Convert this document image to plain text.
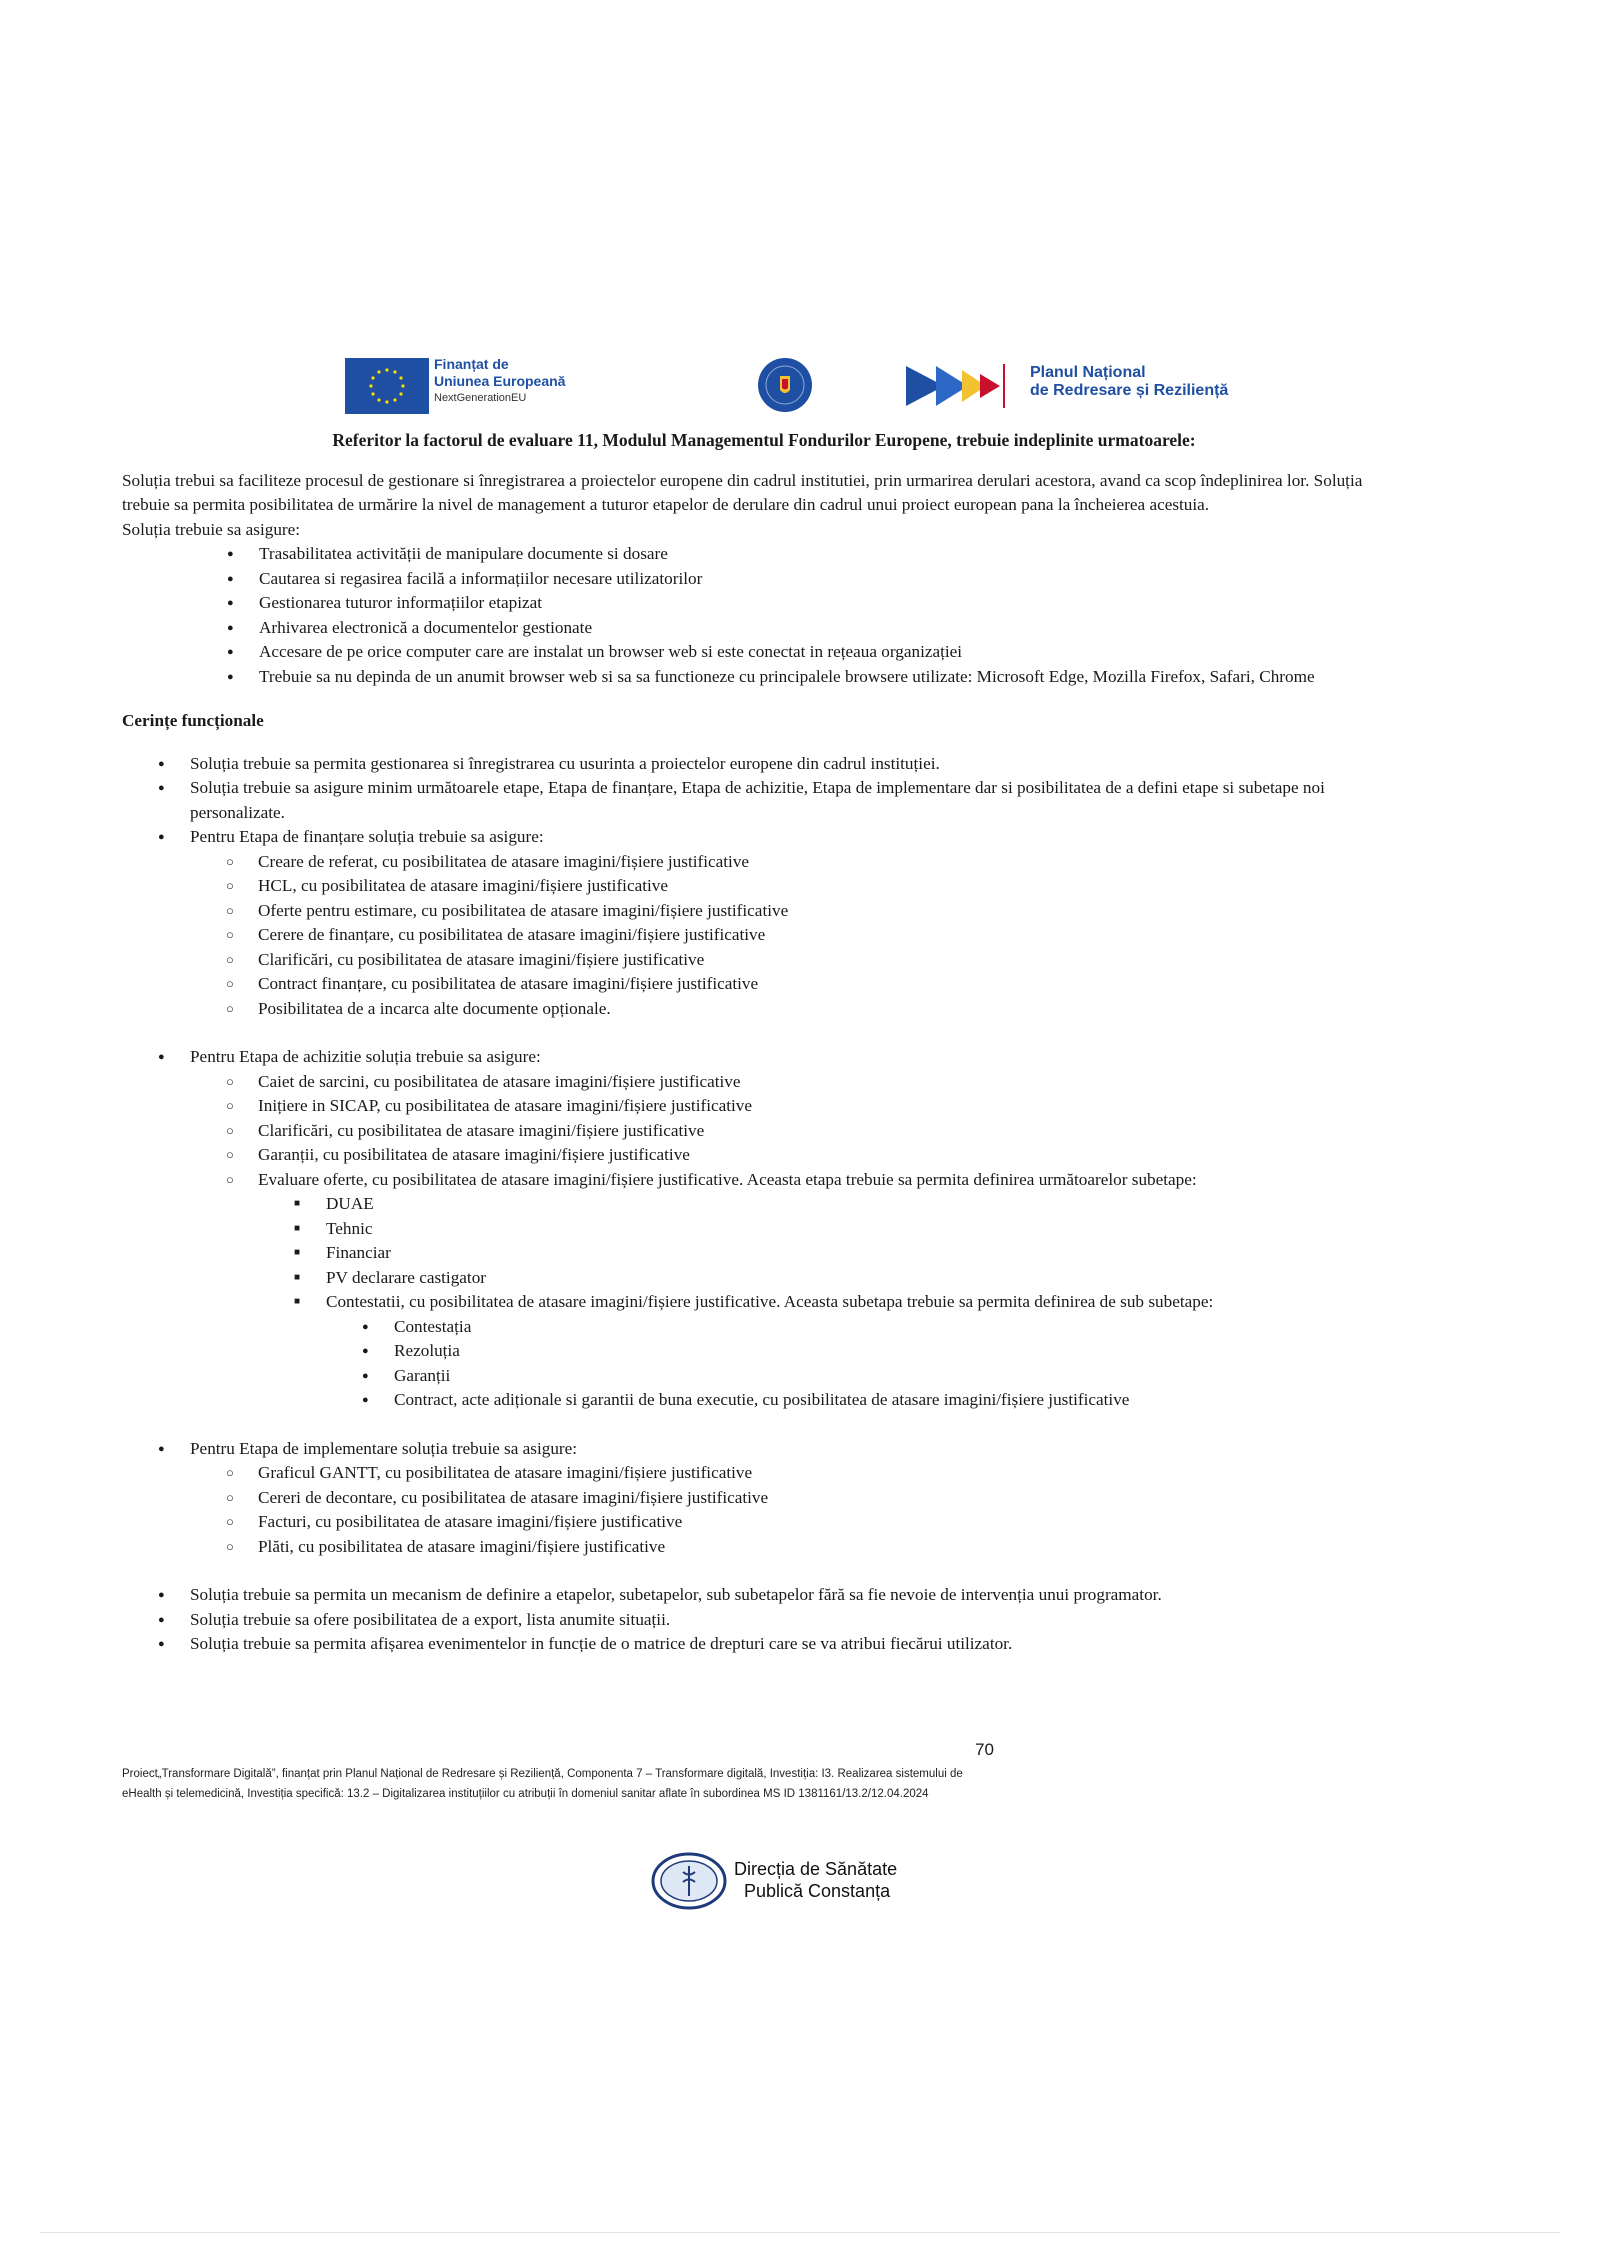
Finanțat de
Uniunea Europeană
NextGenerationEU
Planul Național
de Redresare și Reziliență

Referitor la factorul de evaluare 11, Modulul Managementul Fondurilor Europene, trebuie indeplinite urmatoarele:

Soluția trebui sa faciliteze procesul de gestionare si înregistrarea a proiectelor europene din cadrul institutiei, prin urmarirea derulari acestora, avand ca scop îndeplinirea lor. Soluția trebuie sa permita posibilitatea de urmărire la nivel de management a tuturor etapelor de derulare din cadrul unui proiect european pana la încheierea acestuia.

Soluția trebuie sa asigure:

● Trasabilitatea activității de manipulare documente si dosare
● Cautarea si regasirea facilă a informațiilor necesare utilizatorilor
● Gestionarea tuturor informațiilor etapizat
● Arhivarea electronică a documentelor gestionate
● Accesare de pe orice computer care are instalat un browser web si este conectat in rețeaua organizației
● Trebuie sa nu depinda de un anumit browser web si sa sa functioneze cu principalele browsere utilizate: Microsoft Edge, Mozilla Firefox, Safari, Chrome

Cerințe funcționale

● Soluția trebuie sa permita gestionarea si înregistrarea cu usurinta a proiectelor europene din cadrul instituției.
● Soluția trebuie sa asigure minim următoarele etape, Etapa de finanțare, Etapa de achizitie, Etapa de implementare dar si posibilitatea de a defini etape si subetape noi personalizate.
● Pentru Etapa de finanțare soluția trebuie sa asigure:
○ Creare de referat, cu posibilitatea de atasare imagini/fișiere justificative
○ HCL, cu posibilitatea de atasare imagini/fișiere justificative
○ Oferte pentru estimare, cu posibilitatea de atasare imagini/fișiere justificative
○ Cerere de finanțare, cu posibilitatea de atasare imagini/fișiere justificative
○ Clarificări, cu posibilitatea de atasare imagini/fișiere justificative
○ Contract finanțare, cu posibilitatea de atasare imagini/fișiere justificative
○ Posibilitatea de a incarca alte documente opționale.
● Pentru Etapa de achizitie soluția trebuie sa asigure:
○ Caiet de sarcini, cu posibilitatea de atasare imagini/fișiere justificative
○ Inițiere in SICAP, cu posibilitatea de atasare imagini/fișiere justificative
○ Clarificări, cu posibilitatea de atasare imagini/fișiere justificative
○ Garanții, cu posibilitatea de atasare imagini/fișiere justificative
○ Evaluare oferte, cu posibilitatea de atasare imagini/fișiere justificative. Aceasta etapa trebuie sa permita definirea următoarelor subetape:
■ DUAE
■ Tehnic
■ Financiar
■ PV declarare castigator
■ Contestatii, cu posibilitatea de atasare imagini/fișiere justificative. Aceasta subetapa trebuie sa permita definirea de sub subetape:
● Contestația
● Rezoluția
● Garanții
● Contract, acte adiționale si garantii de buna executie, cu posibilitatea de atasare imagini/fișiere justificative
● Pentru Etapa de implementare soluția trebuie sa asigure:
○ Graficul GANTT, cu posibilitatea de atasare imagini/fișiere justificative
○ Cereri de decontare, cu posibilitatea de atasare imagini/fișiere justificative
○ Facturi, cu posibilitatea de atasare imagini/fișiere justificative
○ Plăti, cu posibilitatea de atasare imagini/fișiere justificative
● Soluția trebuie sa permita un mecanism de definire a etapelor, subetapelor, sub subetapelor fără sa fie nevoie de intervenția unui programator.
● Soluția trebuie sa ofere posibilitatea de a export, lista anumite situații.
● Soluția trebuie sa permita afișarea evenimentelor in funcție de o matrice de drepturi care se va atribui fiecărui utilizator.
70
Proiect„Transformare Digitală”, finanțat prin Planul Național de Redresare și Reziliență, Componenta 7 – Transformare digitală, Investiția: I3. Realizarea sistemului de eHealth și telemedicină, Investiția specifică: 13.2 – Digitalizarea instituțiilor cu atribuții în domeniul sanitar aflate în subordinea MS ID 1381161/13.2/12.04.2024
Direcția de Sănătate
Publică Constanța
